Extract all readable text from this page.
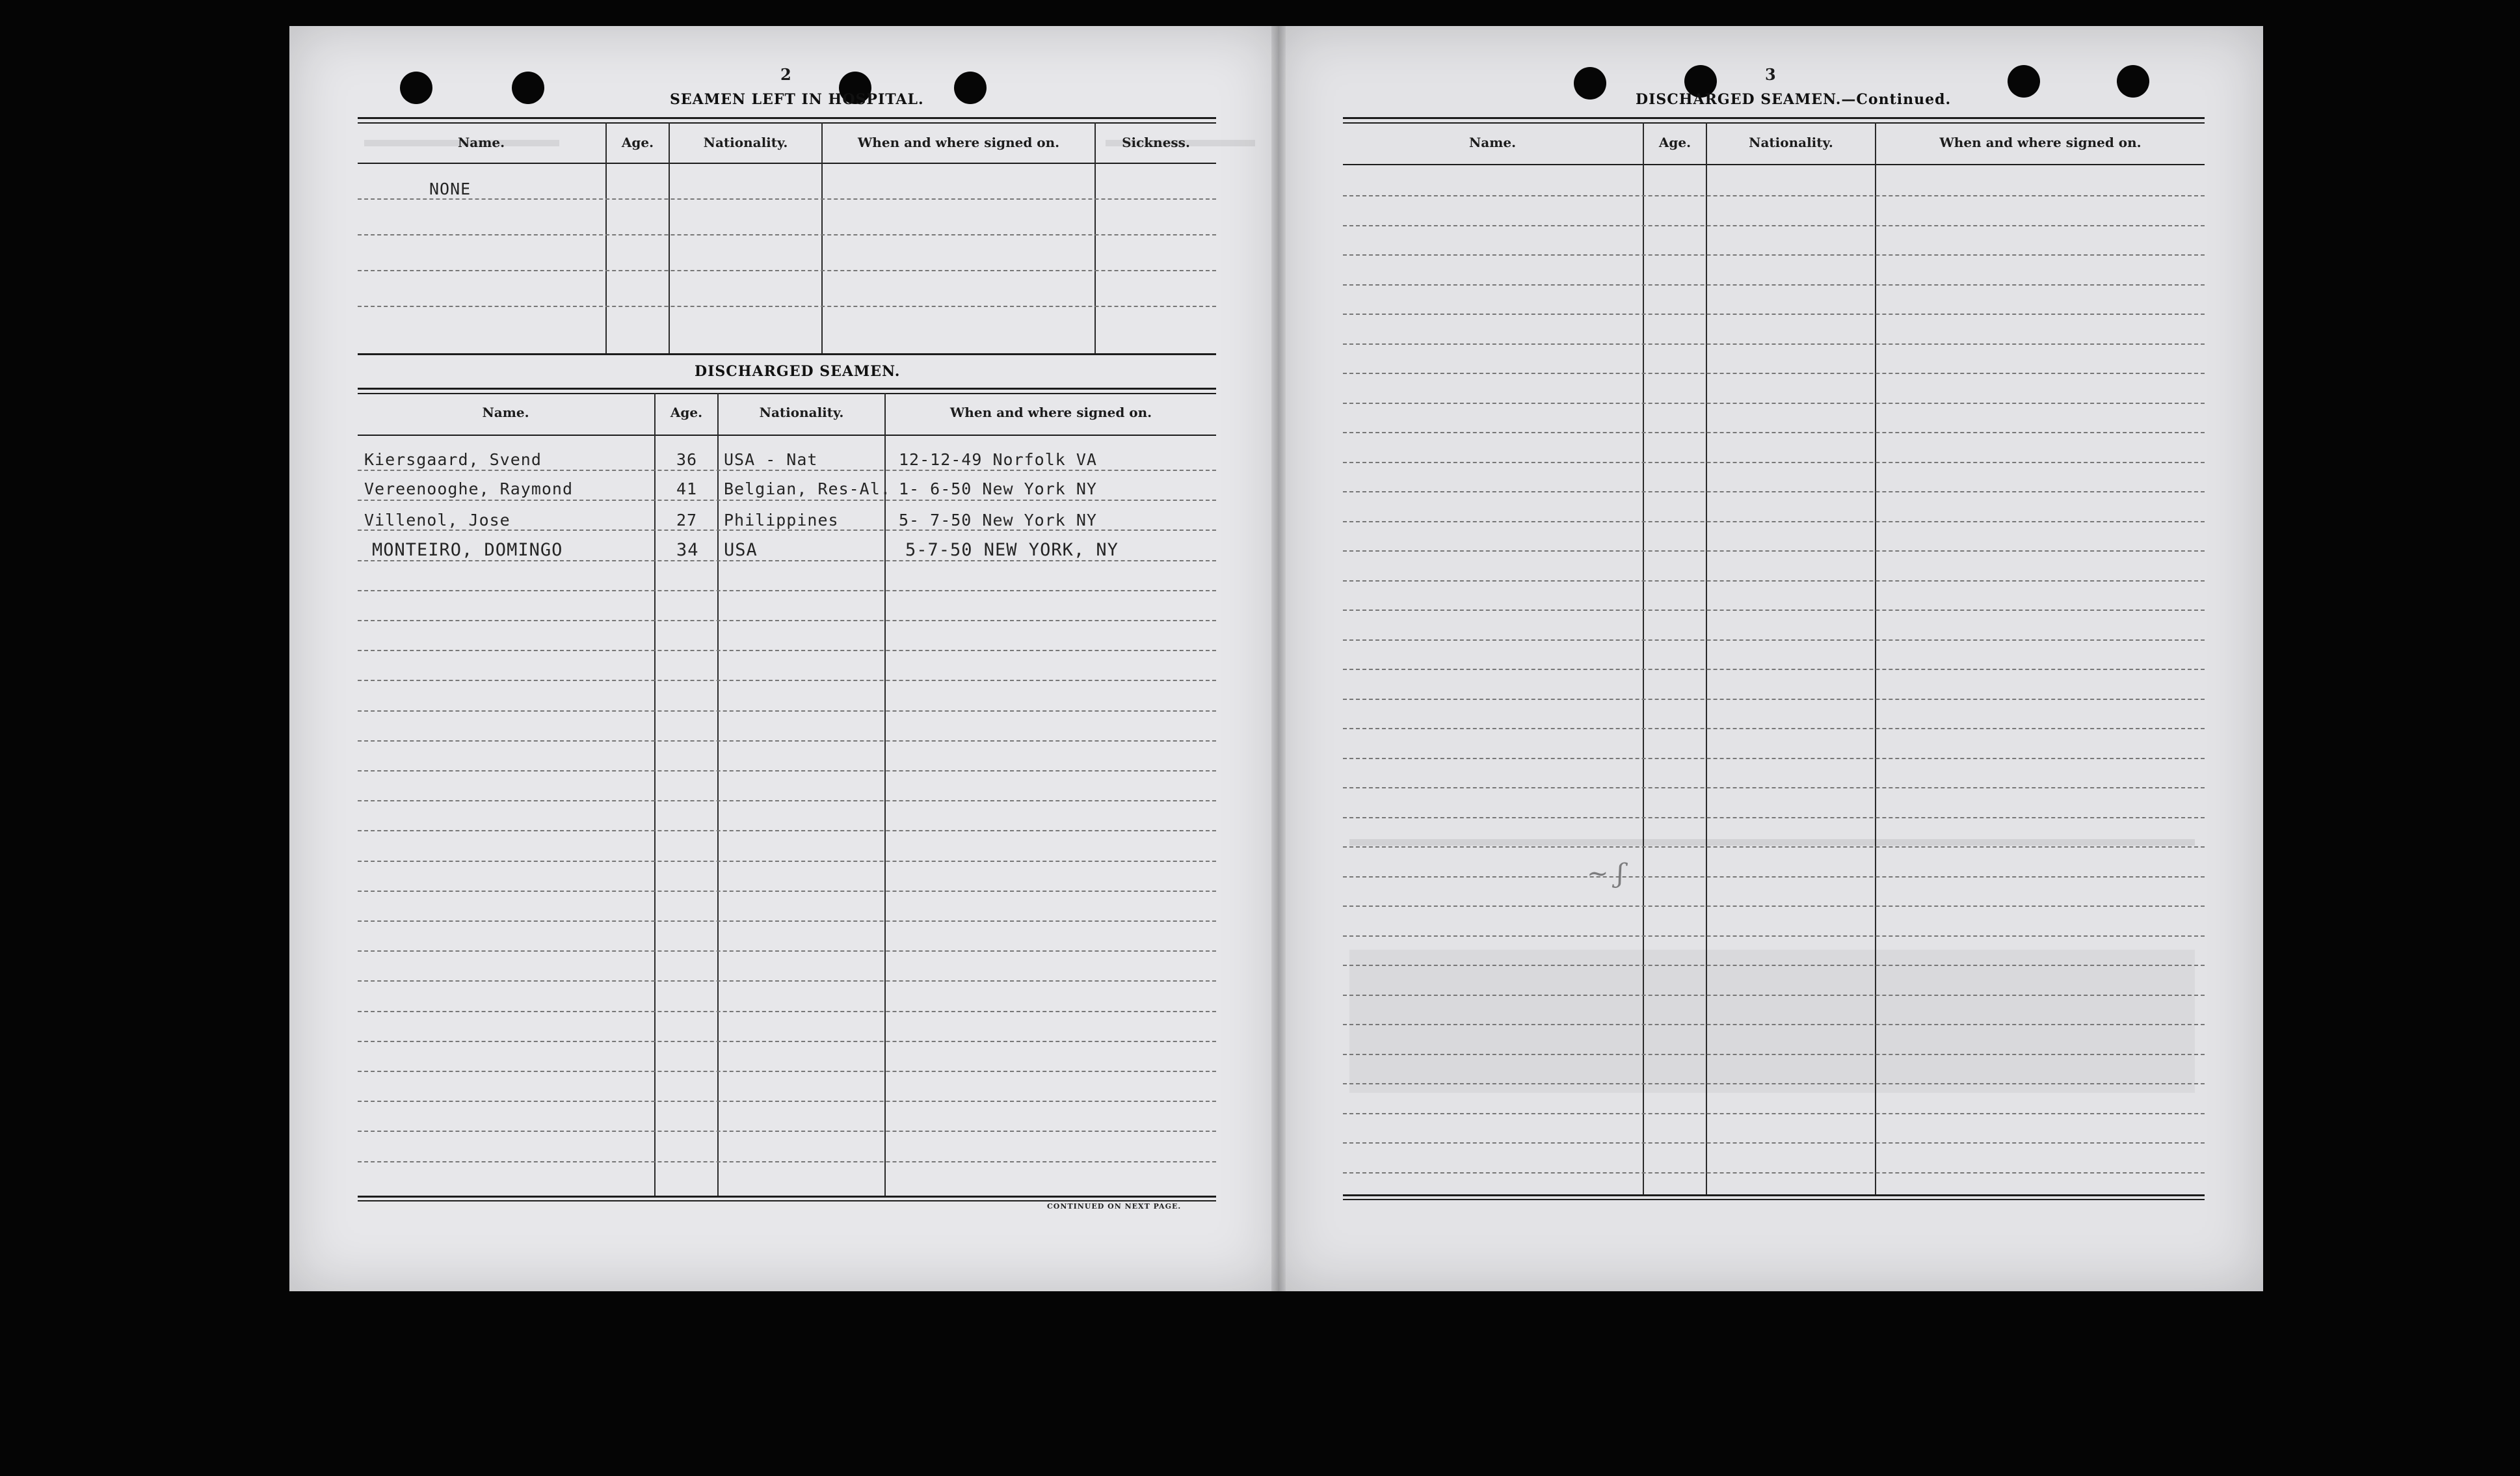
~ ʃ
2
SEAMEN LEFT IN HOSPITAL.
Name.	Age.	Nationality.	When and where signed on.	Sickness.
NONE
DISCHARGED SEAMEN.
Name.	Age.	Nationality.	When and where signed on.
Kiersgaard, Svend	36 USA - Nat	12-12-49 Norfolk VA
Vereenooghe, Raymond	41 Belgian, Res-Al. 1- 6-50 New York NY
Villenol, Jose	27 Philippines	5- 7-50 New York NY
MONTEIRO, DOMINGO	34 USA	5-7-50 NEW YORK, NY
CONTINUED ON NEXT PAGE.
3
DISCHARGED SEAMEN.—Continued.
Name.	Age.	Nationality.	When and where signed on.
